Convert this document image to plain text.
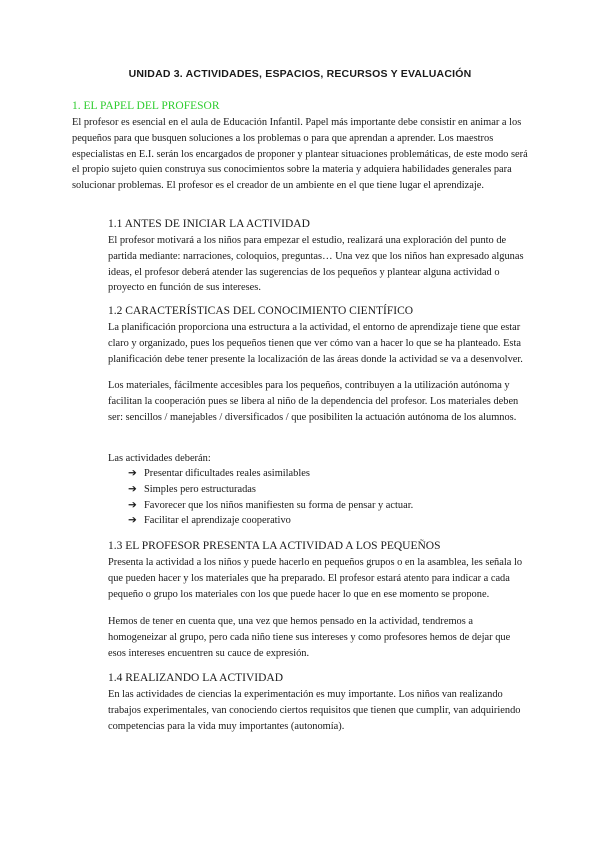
UNIDAD 3. ACTIVIDADES, ESPACIOS, RECURSOS Y EVALUACIÓN
1. EL PAPEL DEL PROFESOR

El profesor es esencial en el aula de Educación Infantil. Papel más importante debe consistir en animar a los pequeños para que busquen soluciones a los problemas o para que aprendan a aprender. Los maestros especialistas en E.I. serán los encargados de proponer y plantear situaciones problemáticas, de este modo será el propio sujeto quien construya sus conocimientos sobre la materia y adquiera habilidades generales para solucionar problemas. El profesor es el creador de un ambiente en el que tiene lugar el aprendizaje.

1.1 ANTES DE INICIAR LA ACTIVIDAD

El profesor motivará a los niños para empezar el estudio, realizará una exploración del punto de partida mediante: narraciones, coloquios, preguntas… Una vez que los niños han expresado algunas ideas, el profesor deberá atender las sugerencias de los pequeños y plantear alguna actividad o proyecto en función de sus intereses.

1.2 CARACTERÍSTICAS DEL CONOCIMIENTO CIENTÍFICO

La planificación proporciona una estructura a la actividad, el entorno de aprendizaje tiene que estar claro y organizado, pues los pequeños tienen que ver cómo van a hacer lo que se ha planteado. Esta planificación debe tener presente la localización de las áreas donde la actividad se va a desenvolver.

Los materiales, fácilmente accesibles para los pequeños, contribuyen a la utilización autónoma y facilitan la cooperación pues se libera al niño de la dependencia del profesor. Los materiales deben ser: sencillos / manejables / diversificados / que posibiliten la actuación autónoma de los alumnos.

Las actividades deberán:

➔ Presentar dificultades reales asimilables
➔ Simples pero estructuradas
➔ Favorecer que los niños manifiesten su forma de pensar y actuar.
➔ Facilitar el aprendizaje cooperativo
1.3 EL PROFESOR PRESENTA LA ACTIVIDAD A LOS PEQUEÑOS

Presenta la actividad a los niños y puede hacerlo en pequeños grupos o en la asamblea, les señala lo que pueden hacer y los materiales que ha preparado. El profesor estará atento para indicar a cada pequeño o grupo los materiales con los que puede hacer lo que en ese momento se propone.

Hemos de tener en cuenta que, una vez que hemos pensado en la actividad, tendremos a homogeneizar al grupo, pero cada niño tiene sus intereses y como profesores hemos de dejar que esos intereses encuentren su cauce de expresión.

1.4 REALIZANDO LA ACTIVIDAD

En las actividades de ciencias la experimentación es muy importante. Los niños van realizando trabajos experimentales, van conociendo ciertos requisitos que tienen que cumplir, van adquiriendo competencias para la vida muy importantes (autonomía).
